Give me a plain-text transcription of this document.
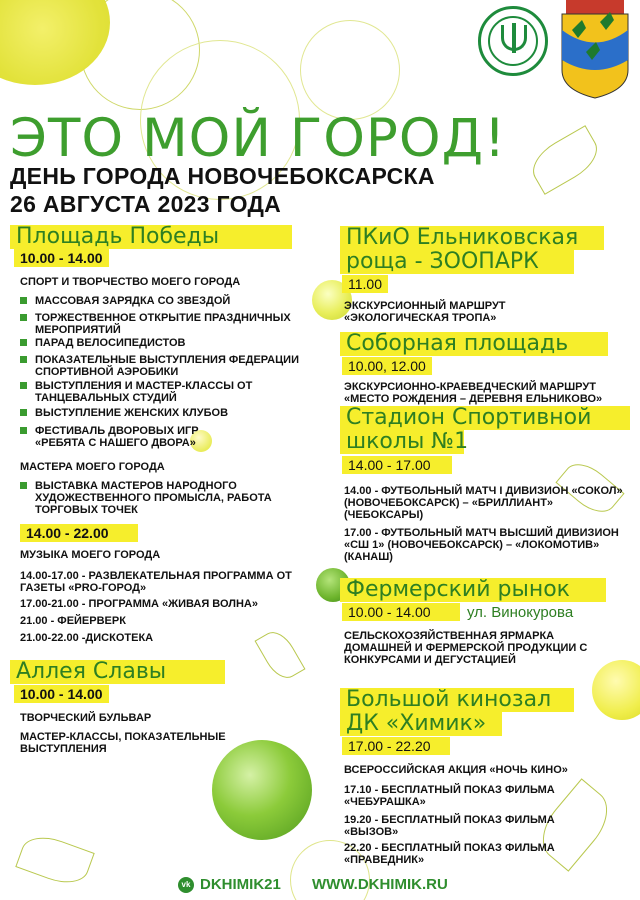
ЭТО МОЙ ГОРОД!
ДЕНЬ ГОРОДА НОВОЧЕБОКСАРСКА
26 АВГУСТА 2023 ГОДА
Площадь Победы
10.00 - 14.00
СПОРТ И ТВОРЧЕСТВО МОЕГО ГОРОДА
МАССОВАЯ ЗАРЯДКА СО ЗВЕЗДОЙ
ТОРЖЕСТВЕННОЕ ОТКРЫТИЕ ПРАЗДНИЧНЫХ МЕРОПРИЯТИЙ
ПАРАД ВЕЛОСИПЕДИСТОВ
ПОКАЗАТЕЛЬНЫЕ ВЫСТУПЛЕНИЯ ФЕДЕРАЦИИ СПОРТИВНОЙ АЭРОБИКИ
ВЫСТУПЛЕНИЯ И МАСТЕР-КЛАССЫ ОТ ТАНЦЕВАЛЬНЫХ СТУДИЙ
ВЫСТУПЛЕНИЕ ЖЕНСКИХ КЛУБОВ
ФЕСТИВАЛЬ ДВОРОВЫХ ИГР «РЕБЯТА С НАШЕГО ДВОРА»
МАСТЕРА МОЕГО ГОРОДА
ВЫСТАВКА МАСТЕРОВ НАРОДНОГО ХУДОЖЕСТВЕННОГО ПРОМЫСЛА, РАБОТА ТОРГОВЫХ ТОЧЕК
14.00 - 22.00
МУЗЫКА МОЕГО ГОРОДА
14.00-17.00 - РАЗВЛЕКАТЕЛЬНАЯ ПРОГРАММА ОТ ГАЗЕТЫ «PRO-ГОРОД»
17.00-21.00 - ПРОГРАММА «ЖИВАЯ ВОЛНА»
21.00 - ФЕЙЕРВЕРК
21.00-22.00 -ДИСКОТЕКА
Аллея Славы
10.00 - 14.00
ТВОРЧЕСКИЙ БУЛЬВАР
МАСТЕР-КЛАССЫ, ПОКАЗАТЕЛЬНЫЕ ВЫСТУПЛЕНИЯ
ПКиО Ельниковская
роща - ЗООПАРК
11.00
ЭКСКУРСИОННЫЙ МАРШРУТ «ЭКОЛОГИЧЕСКАЯ ТРОПА»
Соборная площадь
10.00, 12.00
ЭКСКУРСИОННО-КРАЕВЕДЧЕСКИЙ МАРШРУТ «МЕСТО РОЖДЕНИЯ – ДЕРЕВНЯ ЕЛЬНИКОВО»
Стадион Спортивной
школы №1
14.00 - 17.00
14.00 - ФУТБОЛЬНЫЙ МАТЧ I ДИВИЗИОН «СОКОЛ» (НОВОЧЕБОКСАРСК) – «БРИЛЛИАНТ» (ЧЕБОКСАРЫ)
17.00 - ФУТБОЛЬНЫЙ МАТЧ ВЫСШИЙ ДИВИЗИОН «СШ 1» (НОВОЧЕБОКСАРСК) – «ЛОКОМОТИВ» (КАНАШ)
Фермерский рынок
10.00 - 14.00	ул. Винокурова
СЕЛЬСКОХОЗЯЙСТВЕННАЯ ЯРМАРКА ДОМАШНЕЙ И ФЕРМЕРСКОЙ ПРОДУКЦИИ С КОНКУРСАМИ И ДЕГУСТАЦИЕЙ
Большой кинозал
ДК «Химик»
17.00 - 22.20
ВСЕРОССИЙСКАЯ АКЦИЯ «НОЧЬ КИНО»
17.10 - БЕСПЛАТНЫЙ ПОКАЗ ФИЛЬМА «ЧЕБУРАШКА»
19.20 - БЕСПЛАТНЫЙ ПОКАЗ ФИЛЬМА «ВЫЗОВ»
22.20 - БЕСПЛАТНЫЙ ПОКАЗ ФИЛЬМА «ПРАВЕДНИК»
vk DKHIMIK21 WWW.DKHIMIK.RU
